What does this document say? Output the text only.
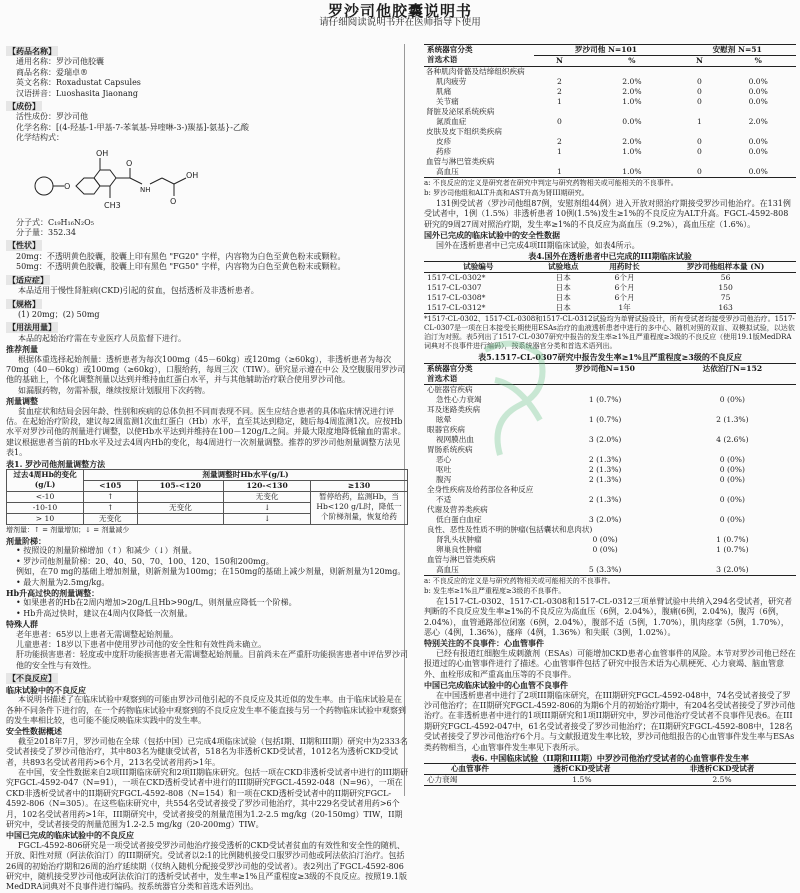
罗沙司他胶囊说明书
请仔细阅读说明书并在医师指导下使用
【药品名称】

通用名称：罗沙司他胶囊

商品名称：爱瑞卓®

英文名称：Roxadustat Capsules

汉语拼音：Luoshasita Jiaonang

【成份】

活性成份：罗沙司他

化学名称：[(4-羟基-1-甲基-7-苯氧基-异喹啉-3-)羰基]-氨基}-乙酸

化学结构式：

O
OH
O
NH
O
OH
CH3

分子式：C₁₉H₁₆N₂O₅

分子量：352.34

【性状】

20mg：不透明黄色胶囊，胶囊上印有黑色 "FG20" 字样，内容物为白色至黄色粉末或颗粒。

50mg：不透明黄色胶囊，胶囊上印有黑色 "FG50" 字样，内容物为白色至黄色粉末或颗粒。

【适应症】

本品适用于慢性肾脏病(CKD)引起的贫血，包括透析及非透析患者。

【规格】

(1) 20mg；(2) 50mg

【用法用量】

本品的起始治疗需在专业医疗人员监督下进行。

推荐剂量

根据体重选择起始剂量：透析患者为每次100mg（45－60kg）或120mg（≥60kg），非透析患者为每次70mg（40－60kg）或100mg（≥60kg），口服给药，每周三次（TIW）。研究显示遵在中公 及空腹服用罗沙司他的基础上，个体化调整剂量以达到并维持血红蛋白水平，并与其他辅助治疗联合使用罗沙司他。

如漏服药物，勿需补服，继续按原计划服用下次药物。

剂量调整

贫血症状和结局会因年龄、性别和疾病的总体负担不同而表现不同。医生应结合患者的具体临床情况进行评估。在起始治疗阶段，建议每2周监测1次血红蛋白（Hb）水平，直至其达到稳定，随后每4周监测1次。应按Hb水平对罗沙司他的剂量进行调整，以使Hb水平达到并维持在100－120g/L之间。并最大限度地降低输血的需求。建议根据患者当前的Hb水平及过去4周内Hb的变化，每4周进行一次剂量调整。推荐的罗沙司他剂量调整方法见表1。

表1. 罗沙司他剂量调整方法

过去4周Hb的变化 (g/L)	剂量调整时Hb水平(g/L)			
	<105	105-<120	120-<130	≥130
<-10	↑		无变化	暂停给药，监测Hb，当Hb<120 g/L时，降低一个阶梯剂量，恢复给药
-10-10	↑	无变化	↓	
> 10	无变化		↓	

增剂量：↑ = 剂量增加；↓ = 剂量减少

剂量阶梯：

• 按照设的剂量阶梯增加（↑）和减少（↓）剂量。

• 罗沙司他剂量阶梯：20、40、50、70、100、120、150和200mg。

例如，在70 mg的基础上增加剂量，则新剂量为100mg；在150mg的基础上减少剂量，则新剂量为120mg。

• 最大剂量为2.5mg/kg。

Hb升高过快的剂量调整：

• 如果患者的Hb在2周内增加>20g/L且Hb>90g/L，则剂量应降低一个阶梯。

• Hb升高过快时，建议在4周内仅降低一次剂量。

特殊人群

老年患者：65岁以上患者无需调整起始剂量。

儿童患者：18岁以下患者中使用罗沙司他的安全性和有效性尚未确立。

肝功能损害患者：轻度或中度肝功能损害患者无需调整起始剂量。目前尚未在严重肝功能损害患者中评估罗沙司他的安全性与有效性。

【不良反应】

临床试验中的不良反应

本说明书描述了在临床试验中观察到的可能由罗沙司他引起的不良反应及其近似的发生率。由于临床试验是在各种不同条件下进行的，在一个药物临床试验中观察到的不良反应发生率不能直接与另一个药物临床试验中观察到的发生率相比较，也可能不能反映临床实践中的发生率。

安全性数据概述

截至2018年7月，罗沙司他在全球（包括中国）已完成4项临床试验（包括I期、II期和III期）研究中为2333名受试者接受了罗沙司他治疗，其中803名为健康受试者，518名为非透析CKD受试者，1012名为透析CKD受试者，共893名受试者用药>6个月，213名受试者用药>1年。

在中国，安全性数据来自2项III期临床研究和2项II期临床研究。包括一项在CKD非透析受试者中进行的III期研究FGCL-4592-047（N=91），一项在CKD透析受试者中进行的III期研究FGCL-4592-048（N=96），一项在CKD非透析受试者中的II期研究FGCL-4592-808（N=154）和一项在CKD透析受试者中的II期研究FGCL-4592-806（N=305）。在这些临床研究中，共554名受试者接受了罗沙司他治疗，其中229名受试者用药>6个月，102名受试者用药>1年，III期研究中，受试者接受的剂量范围为1.2-2.5 mg/kg（20-150mg）TIW，II期研究中，受试者接受的剂量范围为1.2-2.5 mg/kg（20-200mg）TIW。

中国已完成的临床试验中的不良反应

FGCL-4592-806研究是一项受试者接受罗沙司他治疗接受透析的CKD受试者贫血的有效性和安全性的随机、开放、阳性对照（阿法依泊汀）的III期研究。受试者以2:1的比例随机接受口服罗沙司他或阿法依泊汀治疗。包括26周的初始治疗期和26周的治疗延续期（仅纳入随机分配接受罗沙司他的受试者）。表2列出了FGCL-4592-806研究中，随机接受罗沙司他或阿法依泊汀的透析受试者中，发生率≥1%且严重程度≥3级的不良反应。按照19.1版MedDRA词典对不良事件进行编码。按系统器官分类和首选术语列出。

系统器官分类
首选术语	罗沙司他 N=101		安慰剂 N=51	
	N	%	N	%
各种肌肉骨骼及结缔组织疾病				
肌肉疲劳	2	2.0%	0	0.0%
肌痛	2	2.0%	0	0.0%
关节痛	1	1.0%	0	0.0%
肾脏及泌尿系统疾病				
氮质血症	0	0.0%	1	2.0%
皮肤及皮下组织类疾病				
皮疹	2	2.0%	0	0.0%
药疹	1	1.0%	0	0.0%
血管与淋巴管类疾病				
高血压	1	1.0%	0	0.0%

a: 不良反应的定义是研究者在研究中判定与研究药物相关或可能相关的不良事件。

b: 罗沙司他组和ALT升高和AST升高为肾III期研究。

131例受试者（罗沙司他组87例，安慰剂组44例）进入开放对照治疗期接受罗沙司他治疗。在131例受试者中，1例（1.5%）非透析患者 10例(1.5%)发生≥1%的不良反应为ALT升高。FGCL-4592-808研究的9周27周对照治疗期，发生率≥1%的不良反应为高血压（9.2%），高血压症（1.6%）。

国外已完成的临床试验中的安全性数据

国外在透析患者中已完成4项III期临床试验，如表4所示。

表4.国外在透析患者中已完成的III期临床试验

试验编号	试验地点	用药时长	罗沙司他组样本量 (N)
1517-CL-0302*	日本	6个月	56
1517-CL-0307	日本	6个月	150
1517-CL-0308*	日本	6个月	75
1517-CL-0312*	日本	1年	163

*1517-CL-0302、1517-CL-0308和1517-CL-0312试验均为单臂试验设计，所有受试者均接受罗沙司他治疗。1517-CL-0307是一项在日本接受长期使用ESAs治疗的血液透析患者中进行的多中心、随机对照的双盲、双模拟试验，以达依泊汀为对照。表5列出了1517-CL-0307研究中报告的发生率≥1%且严重程度≥3级的不良反应（使用19.1版MedDRA词典对不良事件进行编码），按系统器官分类和首选术语列出。

表5.1517-CL-0307研究中报告发生率≥1%且严重程度≥3级的不良反应

系统器官分类
首选术语	罗沙司他N=150	达依泊汀N=152
心脏器官疾病		
急性心力衰竭	1 (0.7%)	0 (0%)
耳及迷路类疾病		
眩晕	1 (0.7%)	2 (1.3%)
眼器官疾病		
视网膜出血	3 (2.0%)	4 (2.6%)
胃肠系统疾病		
恶心	2 (1.3%)	0 (0%)
呕吐	2 (1.3%)	0 (0%)
腹泻	2 (1.3%)	0 (0%)
全身性疾病及给药部位各种反应		
不适	2 (1.3%)	0 (0%)
代谢及营养类疾病		
低白蛋白血症	3 (2.0%)	0 (0%)
良性、恶性及性质不明的肿瘤(包括囊状和息肉状)		
肾乳头状肿瘤	0 (0%)	1 (0.7%)
卵巢良性肿瘤	0 (0%)	1 (0.7%)
血管与淋巴管类疾病		
高血压	5 (3.3%)	3 (2.0%)

a: 不良反应的定义是与研究药物相关或可能相关的不良事件。

b: 发生率≥1%且严重程度≥3级的不良事件。

在1517-CL-0302、1517-CL-0308和1517-CL-0312三项单臂试验中共纳入294名受试者，研究者判断的不良反应发生率≥1%的不良反应为高血压（6例，2.04%），腹痛(6例，2.04%)，腹泻（6例，2.04%），血管通路部位闭塞（6例，2.04%），腹部不适（5例，1.70%），肌肉痉挛（5例，1.70%），恶心（4例，1.36%），瘙痒（4例，1.36%）和失眠（3例，1.02%）。

特别关注的不良事件：心血管事件

已经有报道红细胞生成刺激剂（ESAs）可能增加CKD患者心血管事件的风险。本节对罗沙司他已经在报道过的心血管事件进行了描述。心血管事件包括了研究中报告术语为心肌梗死、心力衰竭、脑血管意外、血栓形成和严重高血压等的不良事件。

中国已完成临床试验中的心血管不良事件

在中国透析患者中进行了2项III期临床研究，在III期研究FGCL-4592-048中，74名受试者接受了罗沙司他治疗；在II期研究FGCL-4592-806的为期6个月的初始治疗期中，有204名受试者接受了罗沙司他治疗。在非透析患者中进行的1项III期研究和1项II期研究中，罗沙司他治疗受试者不良事件见表6。在III期研究FGCL-4592-047中，61名受试者接受了罗沙司他治疗；在II期研究FGCL-4592-808中，128名受试者接受了罗沙司他治疗6个月。与文献报道发生率比较，罗沙司他组报告的心血管事件发生率与ESAs类药物相当，心血管事件发生率见下表所示。

表6. 中国临床试验（II期和III期）中罗沙司他治疗受试者的心血管事件发生率

心血管事件	透析CKD受试者	非透析CKD受试者
心力衰竭	1.5%	2.5%
